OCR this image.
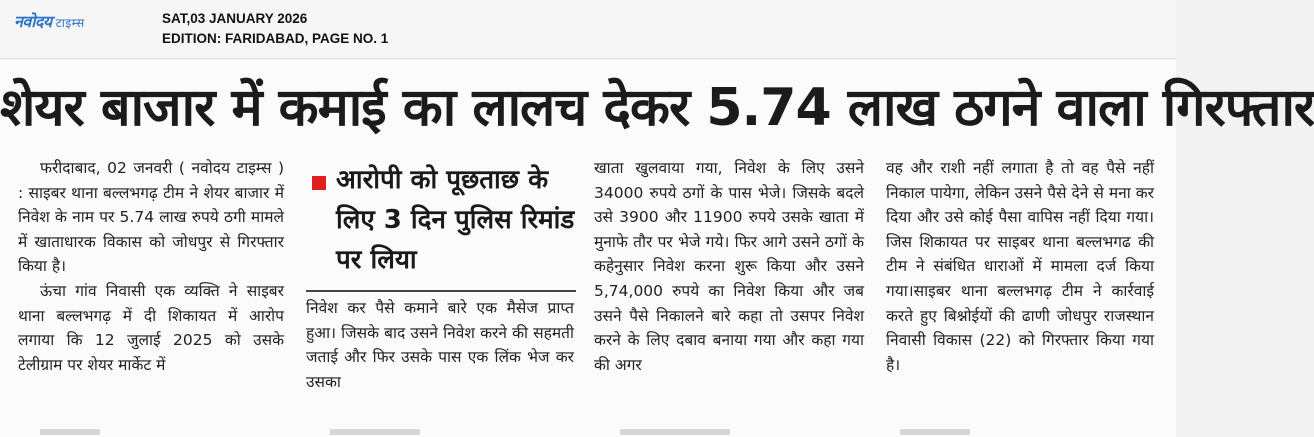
नवोदय टाइम्स	SAT,03 JANUARY 2026
EDITION: FARIDABAD, PAGE NO. 1
शेयर बाजार में कमाई का लालच देकर 5.74 लाख ठगने वाला गिरफ्तार

फरीदाबाद, 02 जनवरी ( नवोदय टाइम्स ) : साइबर थाना बल्लभगढ़ टीम ने शेयर बाजार में निवेश के नाम पर 5.74 लाख रुपये ठगी मामले में खाताधारक विकास को जोधपुर से गिरफ्तार किया है।

ऊंचा गांव निवासी एक व्यक्ति ने साइबर थाना बल्लभगढ़ में दी शिकायत में आरोप लगाया कि 12 जुलाई 2025 को उसके टेलीग्राम पर शेयर मार्केट में

आरोपी को पूछताछ के लिए 3 दिन पुलिस रिमांड पर लिया

निवेश कर पैसे कमाने बारे एक मैसेज प्राप्त हुआ। जिसके बाद उसने निवेश करने की सहमती जताई और फिर उसके पास एक लिंक भेज कर उसका

खाता खुलवाया गया, निवेश के लिए उसने 34000 रुपये ठगों के पास भेजे। जिसके बदले उसे 3900 और 11900 रुपये उसके खाता में मुनाफे तौर पर भेजे गये। फिर आगे उसने ठगों के कहेनुसार निवेश करना शुरू किया और उसने 5,74,000 रुपये का निवेश किया और जब उसने पैसे निकालने बारे कहा तो उसपर निवेश करने के लिए दबाव बनाया गया और कहा गया की अगर

वह और राशी नहीं लगाता है तो वह पैसे नहीं निकाल पायेगा, लेकिन उसने पैसे देने से मना कर दिया और उसे कोई पैसा वापिस नहीं दिया गया। जिस शिकायत पर साइबर थाना बल्लभगढ की टीम ने संबंधित धाराओं में मामला दर्ज किया गया।साइबर थाना बल्लभगढ़ टीम ने कार्रवाई करते हुए बिश्नोईयों की ढाणी जोधपुर राजस्थान निवासी विकास (22) को गिरफ्तार किया गया है।
